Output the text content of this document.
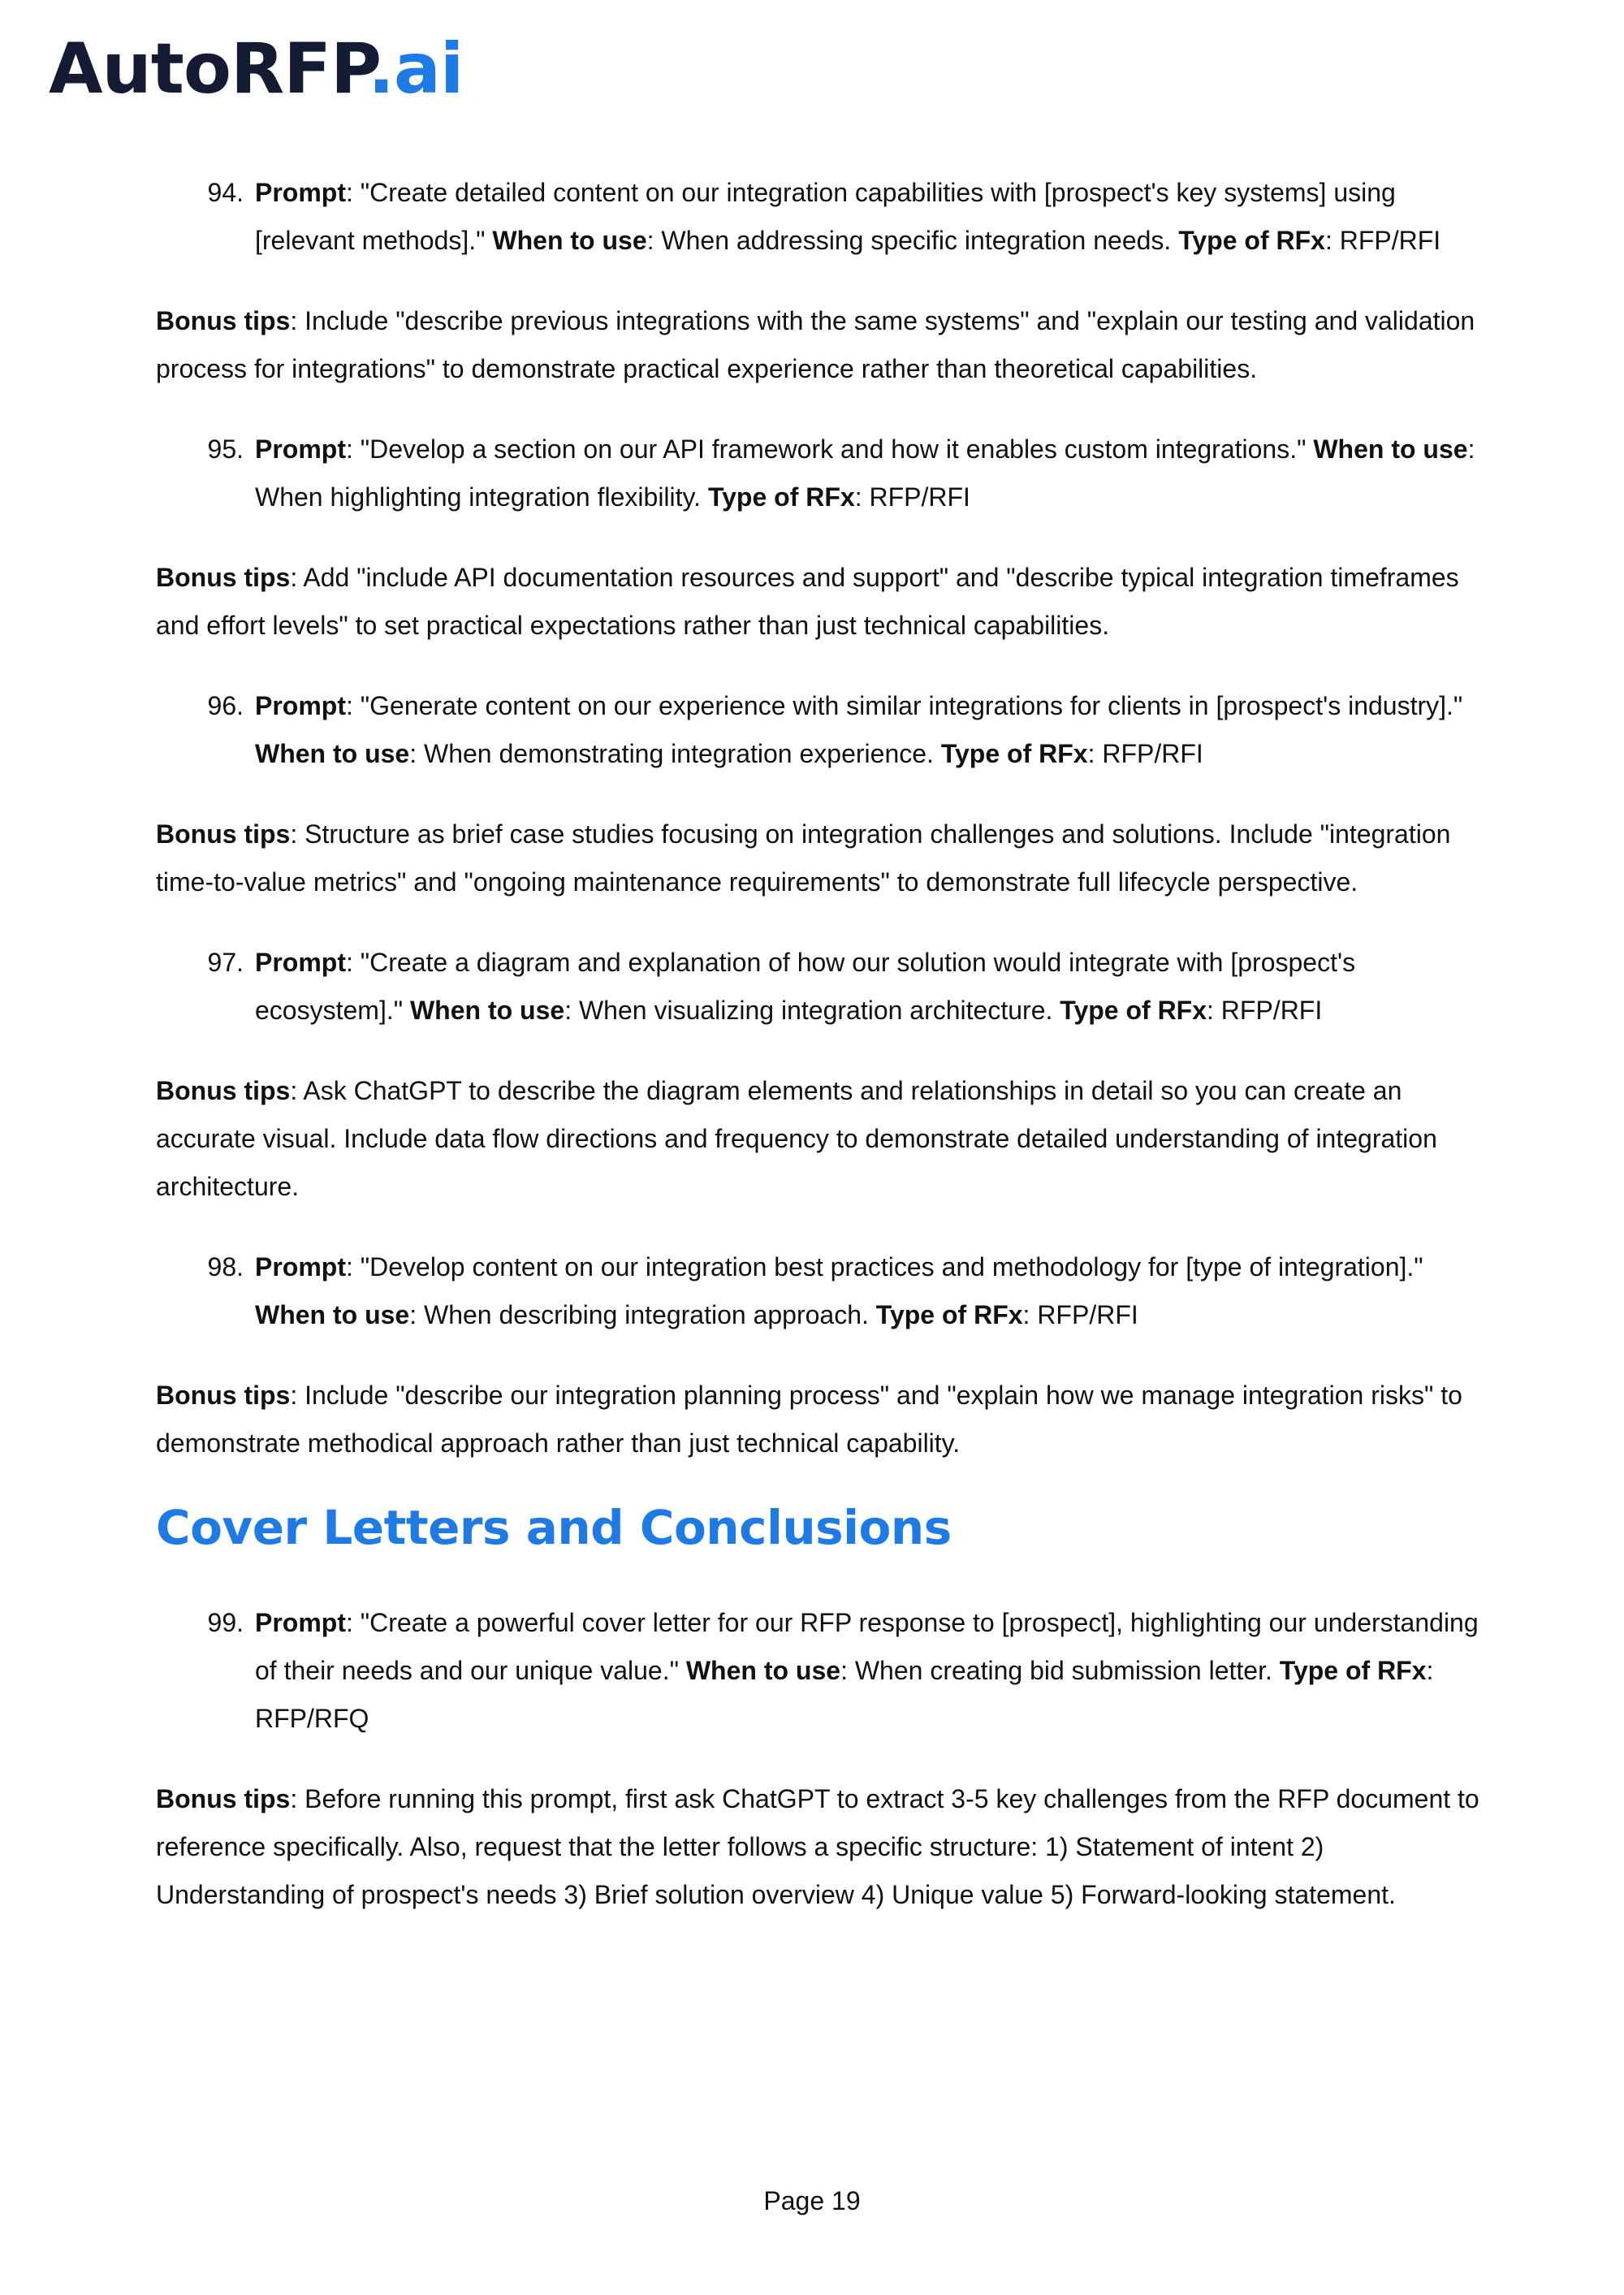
AutoRFP.ai
94. Prompt: "Create detailed content on our integration capabilities with [prospect's key systems] using [relevant methods]." When to use: When addressing specific integration needs. Type of RFx: RFP/RFI
Bonus tips: Include "describe previous integrations with the same systems" and "explain our testing and validation process for integrations" to demonstrate practical experience rather than theoretical capabilities.
95. Prompt: "Develop a section on our API framework and how it enables custom integrations." When to use: When highlighting integration flexibility. Type of RFx: RFP/RFI
Bonus tips: Add "include API documentation resources and support" and "describe typical integration timeframes and effort levels" to set practical expectations rather than just technical capabilities.
96. Prompt: "Generate content on our experience with similar integrations for clients in [prospect's industry]." When to use: When demonstrating integration experience. Type of RFx: RFP/RFI
Bonus tips: Structure as brief case studies focusing on integration challenges and solutions. Include "integration time-to-value metrics" and "ongoing maintenance requirements" to demonstrate full lifecycle perspective.
97. Prompt: "Create a diagram and explanation of how our solution would integrate with [prospect's ecosystem]." When to use: When visualizing integration architecture. Type of RFx: RFP/RFI
Bonus tips: Ask ChatGPT to describe the diagram elements and relationships in detail so you can create an accurate visual. Include data flow directions and frequency to demonstrate detailed understanding of integration architecture.
98. Prompt: "Develop content on our integration best practices and methodology for [type of integration]." When to use: When describing integration approach. Type of RFx: RFP/RFI
Bonus tips: Include "describe our integration planning process" and "explain how we manage integration risks" to demonstrate methodical approach rather than just technical capability.
Cover Letters and Conclusions
99. Prompt: "Create a powerful cover letter for our RFP response to [prospect], highlighting our understanding of their needs and our unique value." When to use: When creating bid submission letter. Type of RFx: RFP/RFQ
Bonus tips: Before running this prompt, first ask ChatGPT to extract 3-5 key challenges from the RFP document to reference specifically. Also, request that the letter follows a specific structure: 1) Statement of intent 2) Understanding of prospect's needs 3) Brief solution overview 4) Unique value 5) Forward-looking statement.
Page 19
